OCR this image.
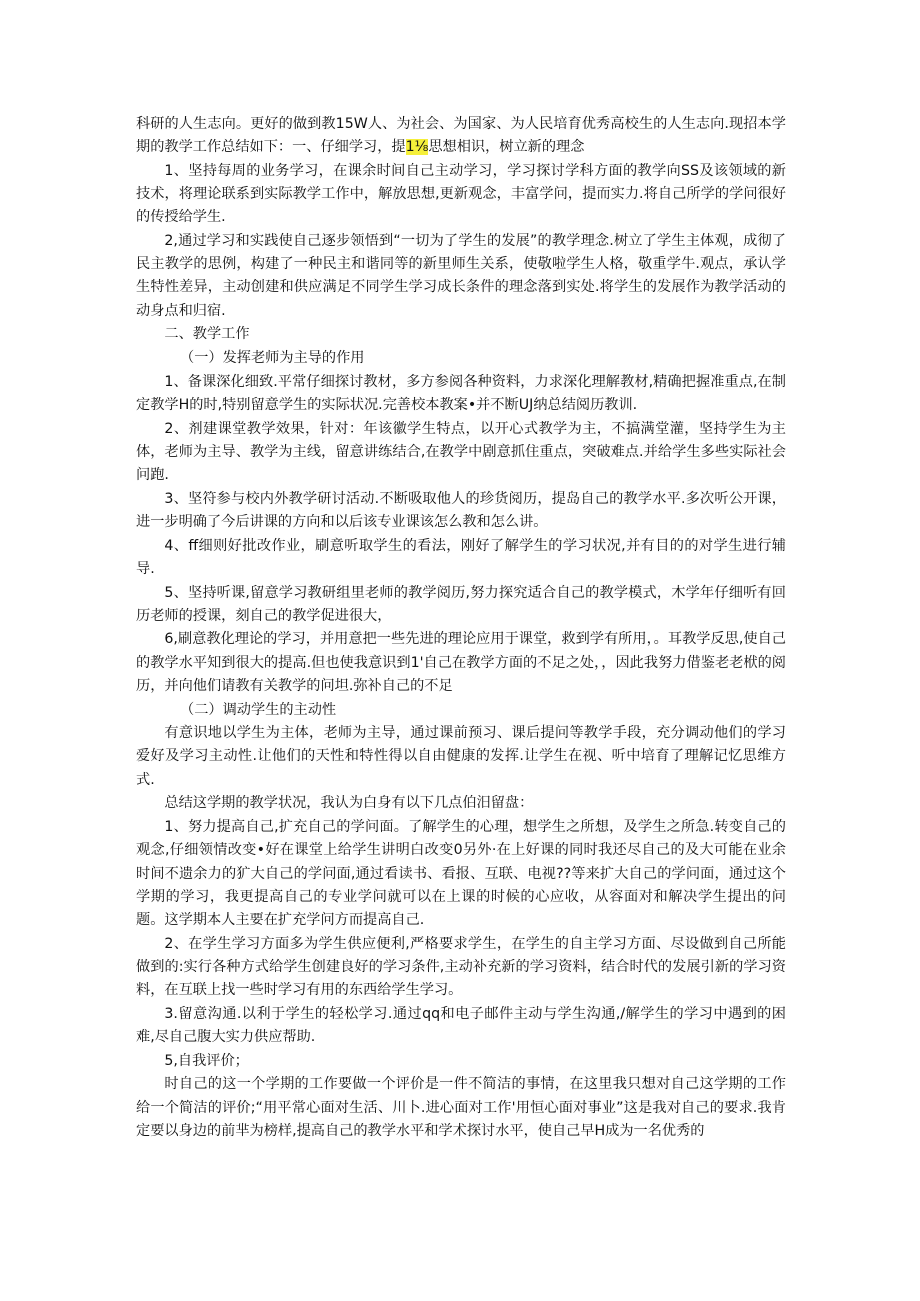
科研的人生志向。更好的做到教15W人、为社会、为国家、为人民培育优秀高校生的人生志向.现招本学期的教学工作总结如下：一、仔细学习，提1⅛思想相识，树立新的理念

1、坚持每周的业务学习，在课余时间自己主动学习，学习探讨学科方面的教学向SS及该领域的新技术，将理论联系到实际教学工作中，解放思想,更新观念，丰富学问，提而实力.将自己所学的学问很好的传授给学生.

2,通过学习和实践使自己逐步领悟到“一切为了学生的发展”的教学理念.树立了学生主体观，成彻了民主教学的思例，构建了一种民主和谐同等的新里师生关系，使敬啦学生人格，敬重学牛.观点，承认学生特性差异，主动创建和供应满足不同学生学习成长条件的理念落到实处.将学生的发展作为教学活动的动身点和归宿.

二、教学工作

（一）发挥老师为主导的作用

1、备课深化细致.平常仔细探讨教材，多方参阅各种资料，力求深化理解教材,精确把握准重点,在制定教学H的时,特别留意学生的实际状况.完善校本教案•并不断UJ纳总结阅历教训.

2、剂建课堂教学效果，针对：年该徽学生特点，以开心式教学为主，不搞满堂灌，坚持学生为主体，老师为主导、教学为主线，留意讲练结合,在教学中剧意抓住重点，突破难点.并给学生多些实际社会问跑.

3、坚符参与校内外教学研讨活动.不断吸取他人的珍货阅历，提岛自己的教学水平.多次听公开课，进一步明确了今后讲课的方向和以后该专业课该怎么教和怎么讲。

4、ff细则好批改作业，刷意听取学生的看法，刚好了解学生的学习状况,并有目的的对学生进行辅导.

5、坚持听课,留意学习教研组里老师的教学阅历,努力探究适合自己的教学模式，木学年仔细听有回历老师的授课，刻自己的教学促进很大，

6,刷意教化理论的学习，并用意把一些先进的理论应用于课堂，救到学有所用，。耳教学反思,使自己的教学水平知到很大的提高.但也使我意识到1'自己在教学方面的不足之处，，因此我努力借鉴老老栿的阅历，并向他们请教有关教学的问坦.弥补自己的不足

（二）调动学生的主动性

有意识地以学生为主体，老师为主导，通过课前预习、课后提问等教学手段，充分调动他们的学习爱好及学习主动性.让他们的天性和特性得以自由健康的发挥.让学生在视、听中培育了理解记忆思维方式.

总结这学期的教学状况，我认为白身有以下几点伯汨留盘：

1、努力提高自己,扩充自己的学问面。了解学生的心理，想学生之所想，及学生之所急.转变自己的观念,仔细领情改变•好在课堂上给学生讲明白改变0另外·在上好课的同时我还尽自己的及大可能在业余时间不遗余力的犷大自己的学问面,通过看读书、看报、互联、电视??等来扩大自己的学问面，通过这个学期的学习，我更提高自己的专业学问就可以在上课的时候的心应收，从容面对和解决学生提出的问题。这学期本人主要在扩充学问方而提高自己.

2、在学生学习方面多为学生供应便利,严格要求学生，在学生的自主学习方面、尽设做到自己所能做到的:实行各种方式给学生创建良好的学习条件,主动补充新的学习资料，结合时代的发展引新的学习资料，在互联上找一些时学习有用的东西给学生学习。

3.留意沟通.以利于学生的轻松学习.通过qq和电子邮件主动与学生沟通,/解学生的学习中遇到的困难,尽自己腹大实力供应帮助.

5,自我评价；

时自己的这一个学期的工作要做一个评价是一件不简洁的事情，在这里我只想对自己这学期的工作给一个简洁的评价;“用平常心面对生活、川卜.进心面对工作'用恒心面对事业”这是我对自己的要求.我肯定要以身边的前芈为榜样,提高自己的教学水平和学术探讨水平，使自己早H成为一名优秀的
